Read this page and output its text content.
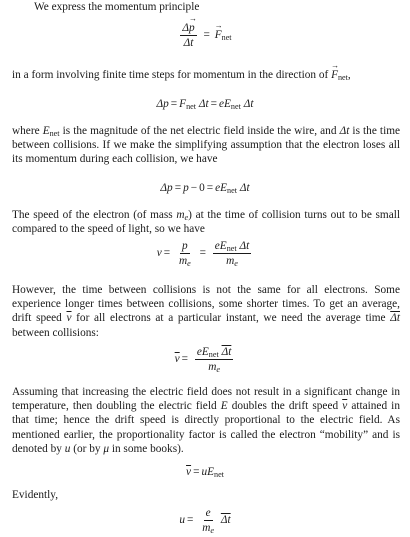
We express the momentum principle

$\frac{\Delta\to p}{\Delta t}$ = → $F_{net}$

in a form involving finite time steps for momentum in the direction of → $F_{net}$,

$\Delta p = F_{net}$ $\Delta t = eE_{net}$ Δt

where $E_{net}$ is the magnitude of the net electric field inside the wire, and Δt is the time between collisions. If we make the simplifying assumption that the electron loses all its momentum during each collision, we have

$\Delta p = p - 0 = eE_{net}$ Δt

The speed of the electron (of mass $m_e$) at the time of collision turns out to be small compared to the speed of light, so we have

$v = \frac{p}{m_e} = \frac{eE_{net} \Delta t}{m_e}$

However, the time between collisions is not the same for all electrons. Some experience longer times between collisions, some shorter times. To get an average, drift speed $\overline{v}$ for all electrons at a particular instant, we need the average time $\overline{\Delta t}$ between collisions:

$\overline{v} = \frac{eE_{net} \overline{\Delta t}}{m_e}$

Assuming that increasing the electric field does not result in a significant change in temperature, then doubling the electric field E doubles the drift speed $\overline{v}$ attained in that time; hence the drift speed is directly proportional to the electric field. As mentioned earlier, the proportionality factor is called the electron “mobility” and is denoted by u (or by μ in some books).

$\overline{v} = uE_{net}$

Evidently,

$u = \frac{e}{m_e} \overline{\Delta t}$
